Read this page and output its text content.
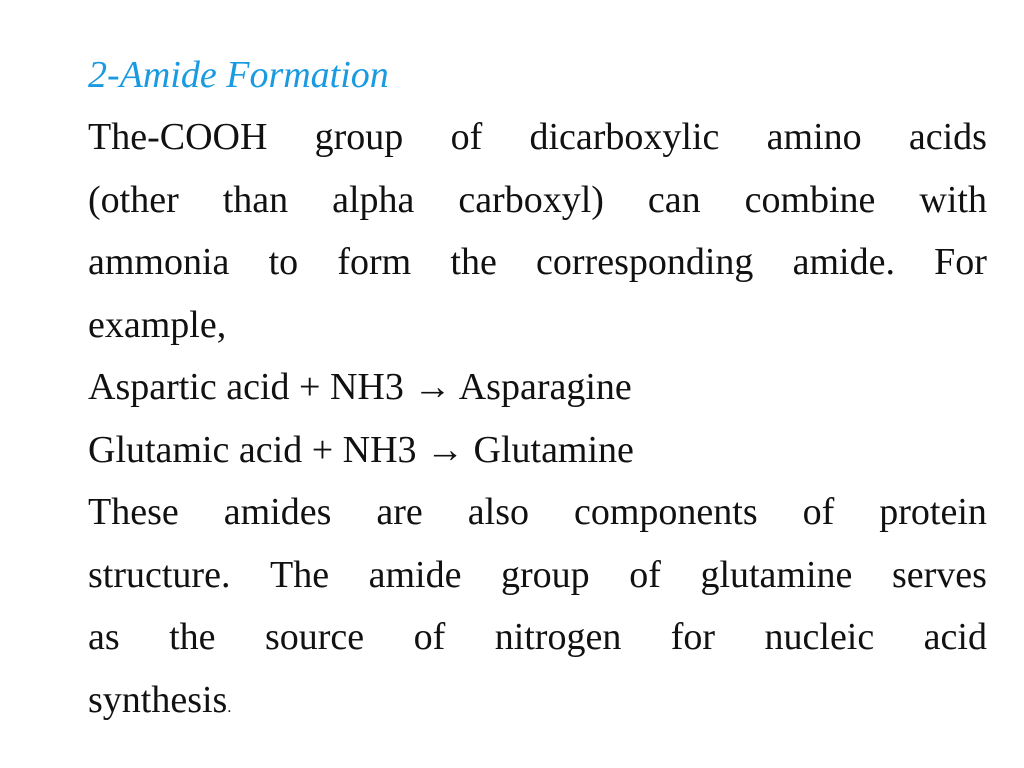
2-Amide Formation
The-COOH group of dicarboxylic amino acids
(other than alpha carboxyl) can combine with
ammonia to form the corresponding amide. For
example,
Aspartic acid + NH3 → Asparagine
Glutamic acid + NH3 → Glutamine
These amides are also components of protein
structure. The amide group of glutamine serves
as the source of nitrogen for nucleic acid
synthesis.
